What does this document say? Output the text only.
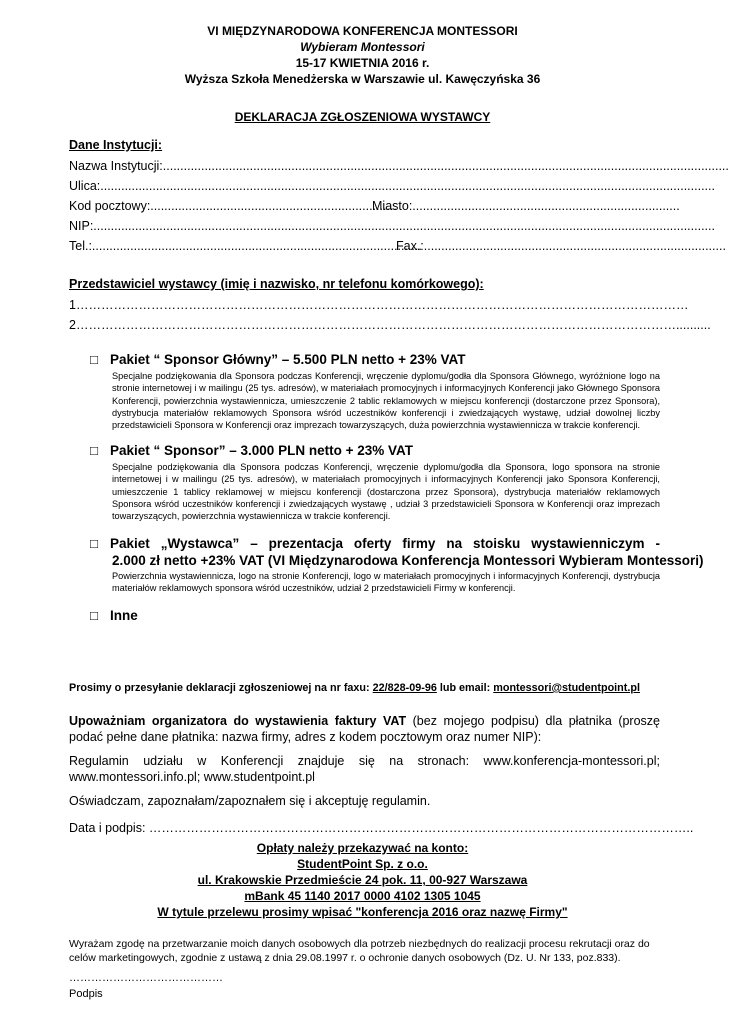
VI MIĘDZYNARODOWA KONFERENCJA MONTESSORI
Wybieram Montessori
15-17 KWIETNIA 2016 r.
Wyższa Szkoła Menedżerska w Warszawie ul. Kawęczyńska 36
DEKLARACJA ZGŁOSZENIOWA WYSTAWCY
Dane Instytucji:
Nazwa Instytucji:...................................................................................................................................................................
Ulica:.................................................................................................................................................................................
Kod pocztowy:.......................................................................
Miasto:.............................................................................
NIP:...................................................................................................................................................................................
Tel.:...............................................................................................
Fax.:.......................................................................................
Przedstawiciel wystawcy (imię i nazwisko, nr telefonu komórkowego):
1…………………………………………………………………………………………………………………………………
2………………………………………………………………………………………………………………………………..........
□ Pakiet “ Sponsor Główny” – 5.500 PLN netto + 23% VAT
Specjalne podziękowania dla Sponsora podczas Konferencji, wręczenie dyplomu/godła dla Sponsora Głównego, wyróżnione logo na stronie internetowej i w mailingu (25 tys. adresów), w materiałach promocyjnych i informacyjnych Konferencji jako Głównego Sponsora Konferencji, powierzchnia wystawiennicza, umieszczenie 2 tablic reklamowych w miejscu konferencji (dostarczone przez Sponsora), dystrybucja materiałów reklamowych Sponsora wśród uczestników konferencji i zwiedzających wystawę, udział dowolnej liczby przedstawicieli Sponsora w Konferencji oraz imprezach towarzyszących, duża powierzchnia wystawiennicza w trakcie konferencji.
□ Pakiet “ Sponsor” – 3.000 PLN netto + 23% VAT
Specjalne podziękowania dla Sponsora podczas Konferencji, wręczenie dyplomu/godła dla Sponsora, logo sponsora na stronie internetowej i w mailingu (25 tys. adresów), w materiałach promocyjnych i informacyjnych Konferencji jako Sponsora Konferencji, umieszczenie 1 tablicy reklamowej w miejscu konferencji (dostarczona przez Sponsora), dystrybucja materiałów reklamowych Sponsora wśród uczestników konferencji i zwiedzających wystawę , udział 3 przedstawicieli Sponsora w Konferencji oraz imprezach towarzyszących, powierzchnia wystawiennicza w trakcie konferencji.
□ Pakiet „Wystawca” – prezentacja oferty firmy na stoisku wystawienniczym -
2.000 zł netto +23% VAT (VI Międzynarodowa Konferencja Montessori Wybieram Montessori)
Powierzchnia wystawiennicza, logo na stronie Konferencji, logo w materiałach promocyjnych i informacyjnych Konferencji, dystrybucja materiałów reklamowych sponsora wśród uczestników, udział 2 przedstawicieli Firmy w konferencji.
□ Inne
Prosimy o przesyłanie deklaracji zgłoszeniowej na nr faxu: 22/828-09-96 lub email: montessori@studentpoint.pl
Upoważniam organizatora do wystawienia faktury VAT (bez mojego podpisu) dla płatnika (proszę podać pełne dane płatnika: nazwa firmy, adres z kodem pocztowym oraz numer NIP):
Regulamin udziału w Konferencji znajduje się na stronach: www.konferencja-montessori.pl; www.montessori.info.pl; www.studentpoint.pl
Oświadczam, zapoznałam/zapoznałem się i akceptuję regulamin.
Data i podpis: …………………………………………………………………………………………………………………..
Opłaty należy przekazywać na konto:
StudentPoint Sp. z o.o.
ul. Krakowskie Przedmieście 24 pok. 11, 00-927 Warszawa
mBank 45 1140 2017 0000 4102 1305 1045
W tytule przelewu prosimy wpisać "konferencja 2016 oraz nazwę Firmy"
Wyrażam zgodę na przetwarzanie moich danych osobowych dla potrzeb niezbędnych do realizacji procesu rekrutacji oraz do celów marketingowych, zgodnie z ustawą z dnia 29.08.1997 r. o ochronie danych osobowych (Dz. U. Nr 133, poz.833).
……………………………………
Podpis
